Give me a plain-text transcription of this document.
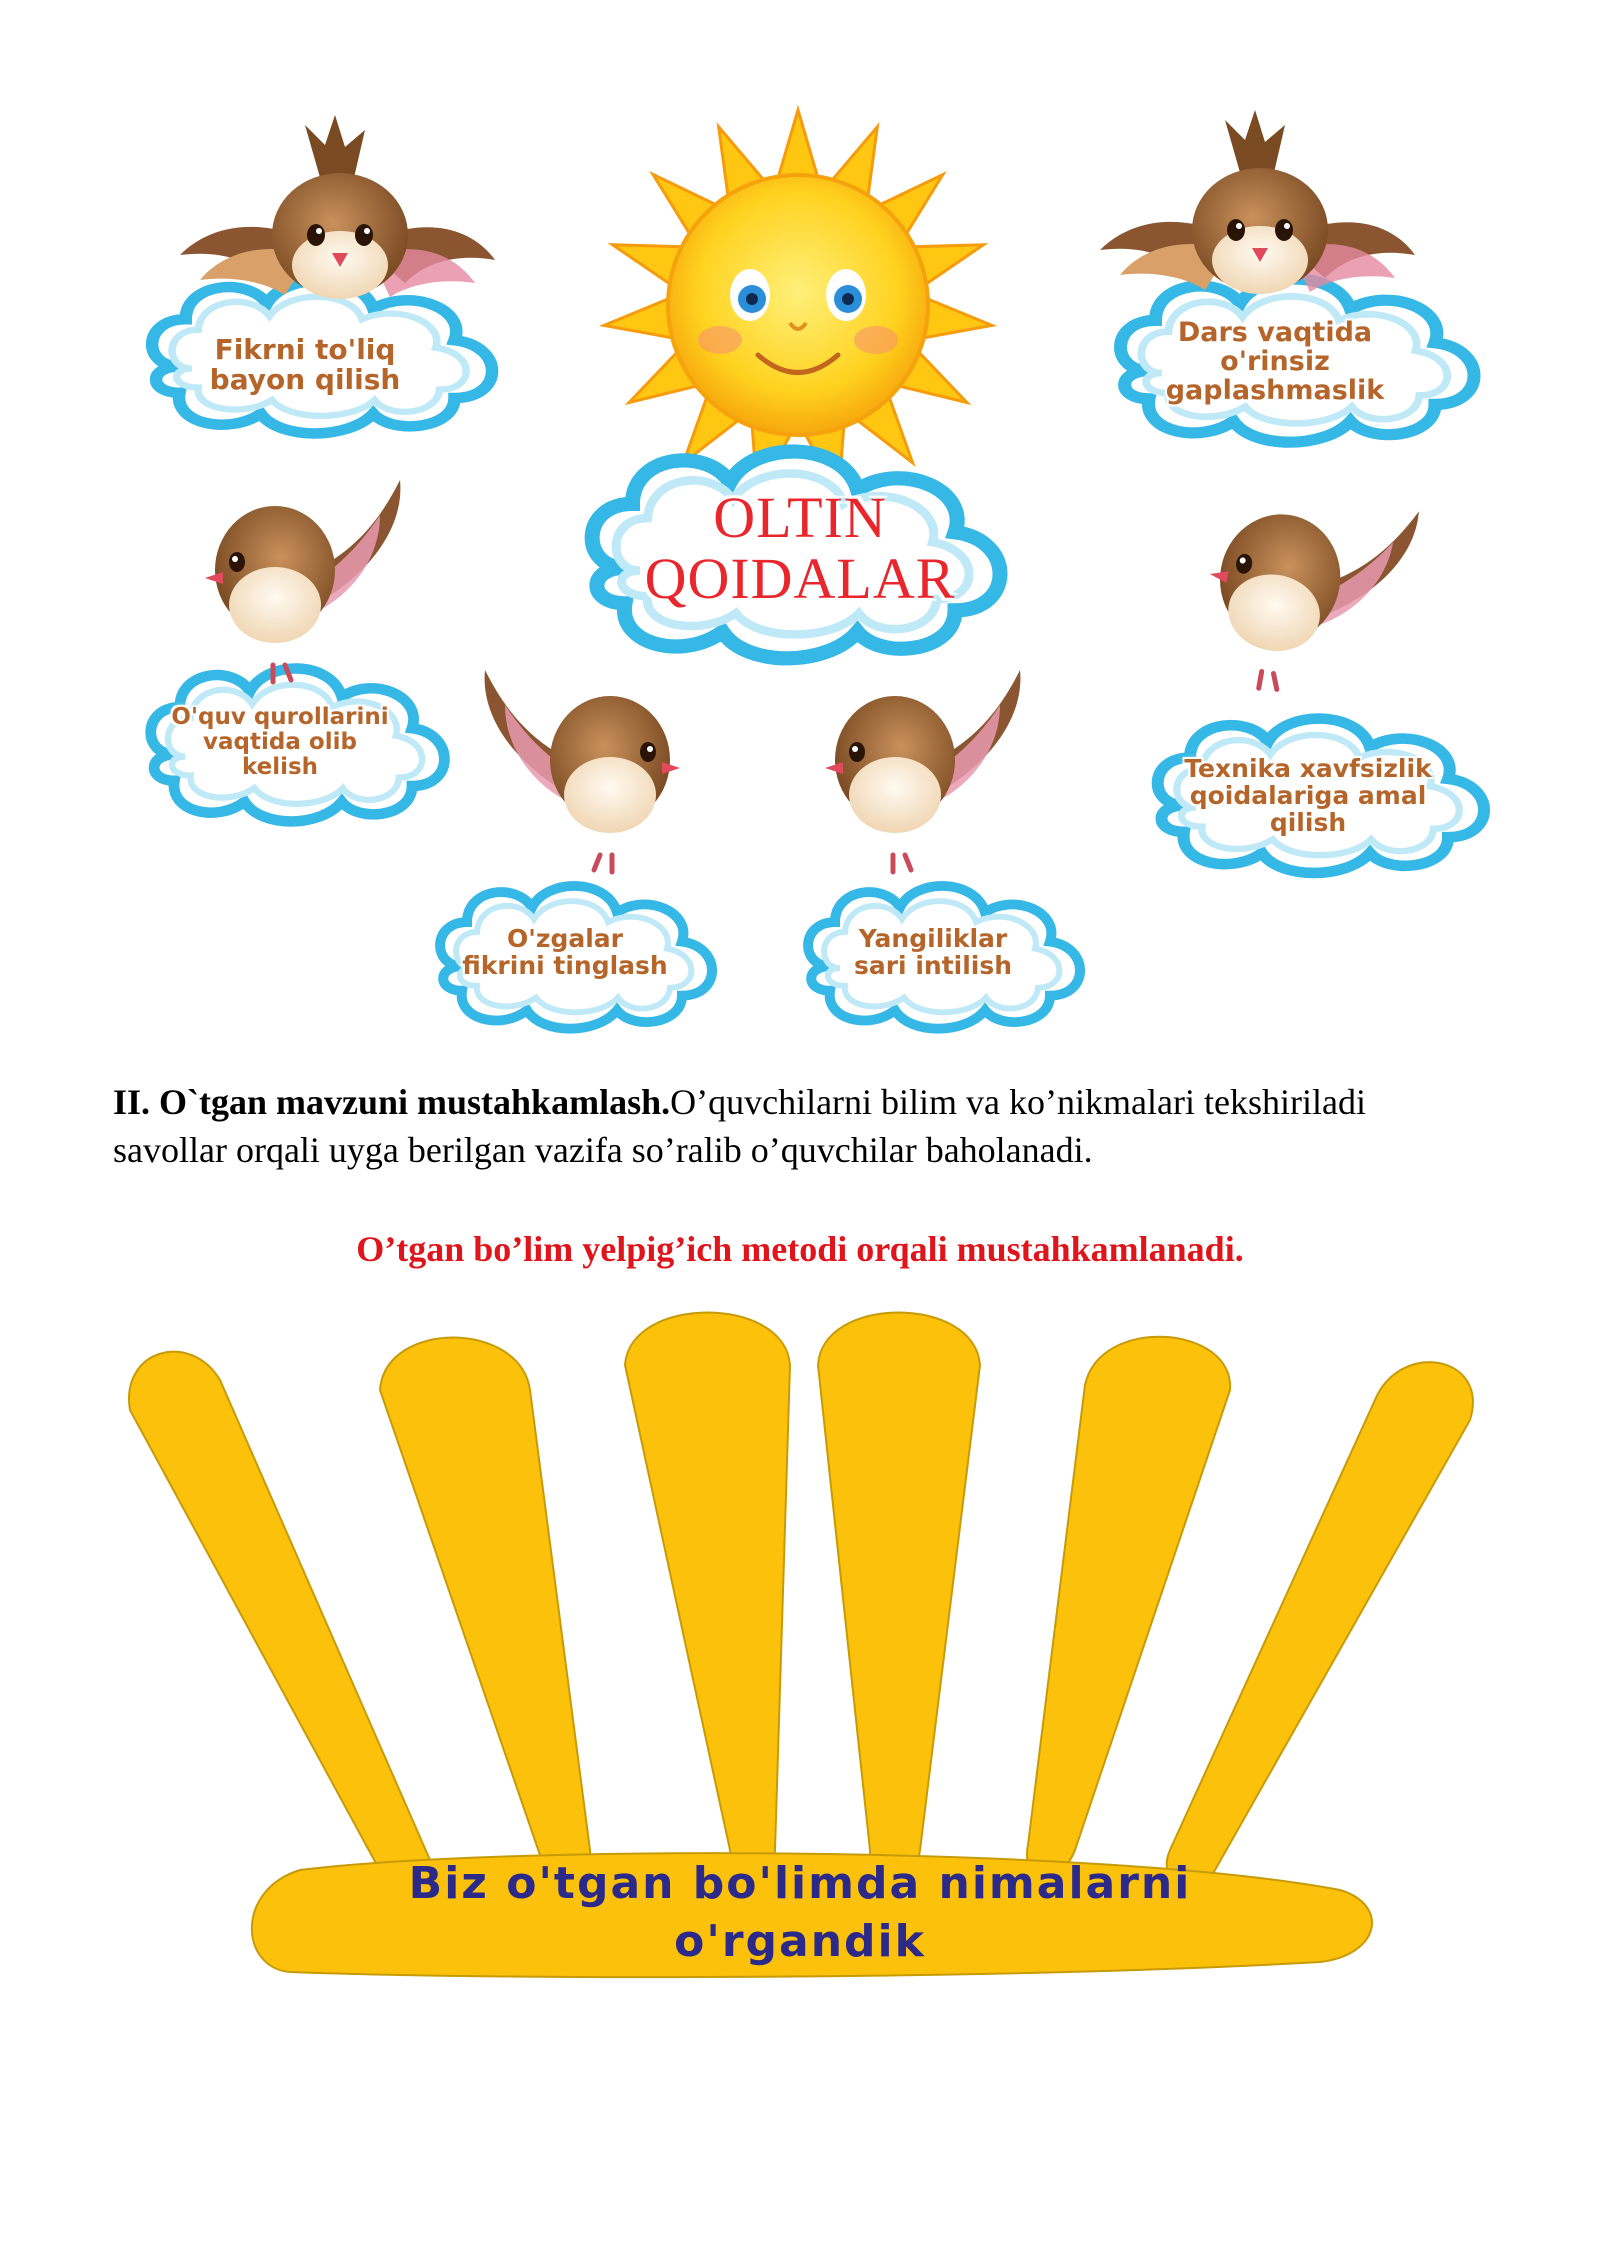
OLTIN
QOIDALAR
Fikrni to'liq
bayon qilish
Dars vaqtida
o'rinsiz
gaplashmaslik
O'quv qurollarini
vaqtida olib
kelish	Texnika xavfsizlik
qoidalariga amal
qilish
O'zgalar
fikrini tinglash
Yangiliklar
sari intilish
II. O`tgan mavzuni mustahkamlash.O’quvchilarni bilim va ko’nikmalari tekshiriladi savollar orqali uyga berilgan vazifa so’ralib o’quvchilar baholanadi.
O’tgan bo’lim yelpig’ich metodi orqali mustahkamlanadi.
Biz o'tgan bo'limda nimalarni
o'rgandik
